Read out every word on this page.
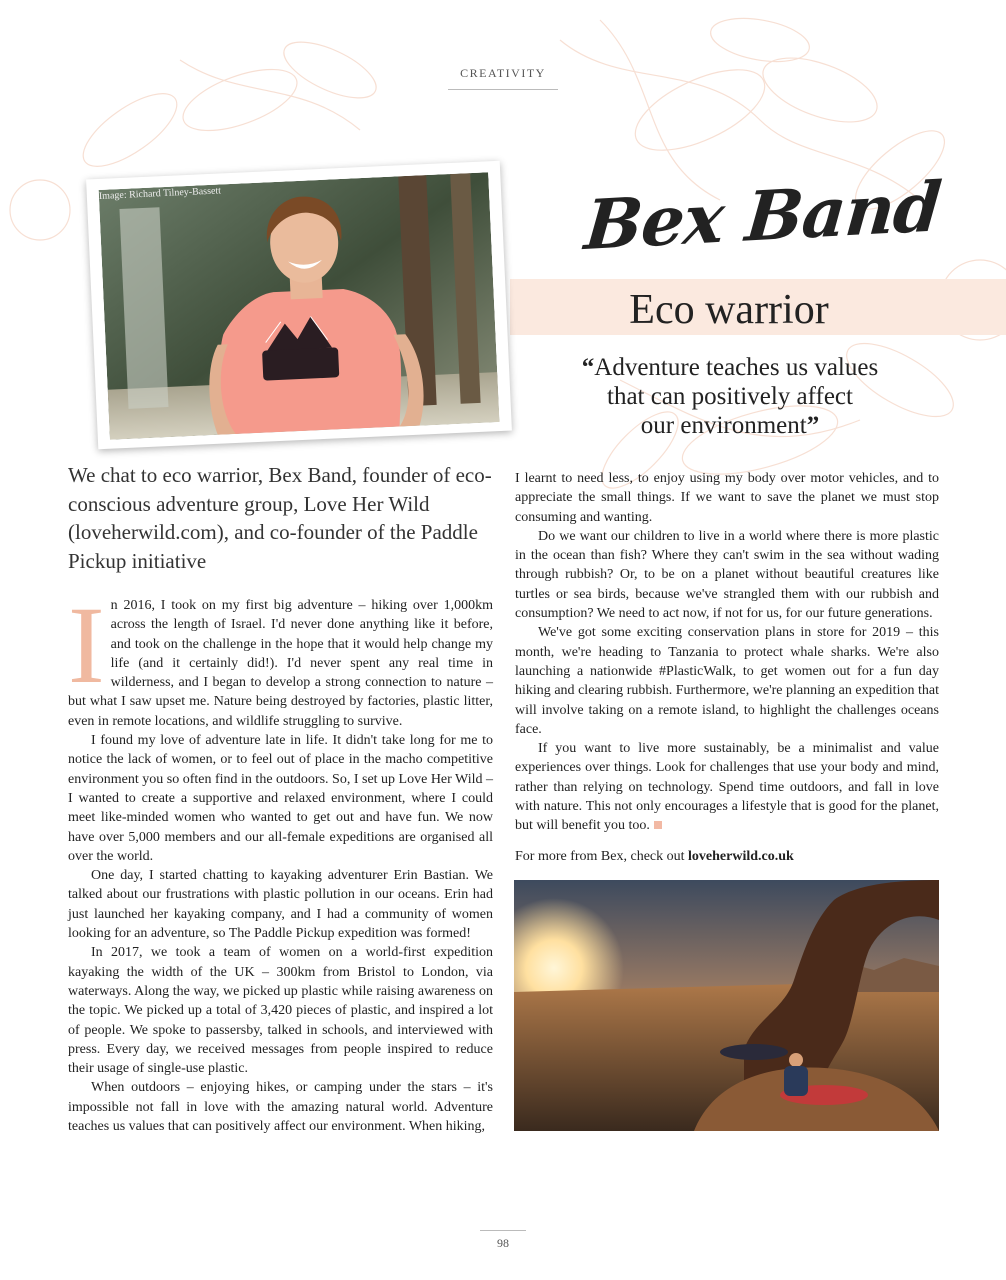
CREATIVITY
Image: Richard Tilney-Bassett	Bex Band
Eco warrior
“Adventure teaches us values
that can positively affect
our environment”
We chat to eco warrior, Bex Band, founder of eco-conscious adventure group, Love Her Wild (loveherwild.com), and co-founder of the Paddle Pickup initiative

In 2016, I took on my first big adventure – hiking over 1,000km across the length of Israel. I'd never done anything like it before, and took on the challenge in the hope that it would help change my life (and it certainly did!). I'd never spent any real time in wilderness, and I began to develop a strong connection to nature – but what I saw upset me. Nature being destroyed by factories, plastic litter, even in remote locations, and wildlife struggling to survive.

I found my love of adventure late in life. It didn't take long for me to notice the lack of women, or to feel out of place in the macho competitive environment you so often find in the outdoors. So, I set up Love Her Wild – I wanted to create a supportive and relaxed environment, where I could meet like-minded women who wanted to get out and have fun. We now have over 5,000 members and our all-female expeditions are organised all over the world.

One day, I started chatting to kayaking adventurer Erin Bastian. We talked about our frustrations with plastic pollution in our oceans. Erin had just launched her kayaking company, and I had a community of women looking for an adventure, so The Paddle Pickup expedition was formed!

In 2017, we took a team of women on a world-first expedition kayaking the width of the UK – 300km from Bristol to London, via waterways. Along the way, we picked up plastic while raising awareness on the topic. We picked up a total of 3,420 pieces of plastic, and inspired a lot of people. We spoke to passersby, talked in schools, and interviewed with press. Every day, we received messages from people inspired to reduce their usage of single-use plastic.

When outdoors – enjoying hikes, or camping under the stars – it's impossible not fall in love with the amazing natural world. Adventure teaches us values that can positively affect our environment. When hiking,

I learnt to need less, to enjoy using my body over motor vehicles, and to appreciate the small things. If we want to save the planet we must stop consuming and wanting.

Do we want our children to live in a world where there is more plastic in the ocean than fish? Where they can't swim in the sea without wading through rubbish? Or, to be on a planet without beautiful creatures like turtles or sea birds, because we've strangled them with our rubbish and consumption? We need to act now, if not for us, for our future generations.

We've got some exciting conservation plans in store for 2019 – this month, we're heading to Tanzania to protect whale sharks. We're also launching a nationwide #PlasticWalk, to get women out for a fun day hiking and clearing rubbish. Furthermore, we're planning an expedition that will involve taking on a remote island, to highlight the challenges oceans face.

If you want to live more sustainably, be a minimalist and value experiences over things. Look for challenges that use your body and mind, rather than relying on technology. Spend time outdoors, and fall in love with nature. This not only encourages a lifestyle that is good for the planet, but will benefit you too.

For more from Bex, check out loveherwild.co.uk

98
